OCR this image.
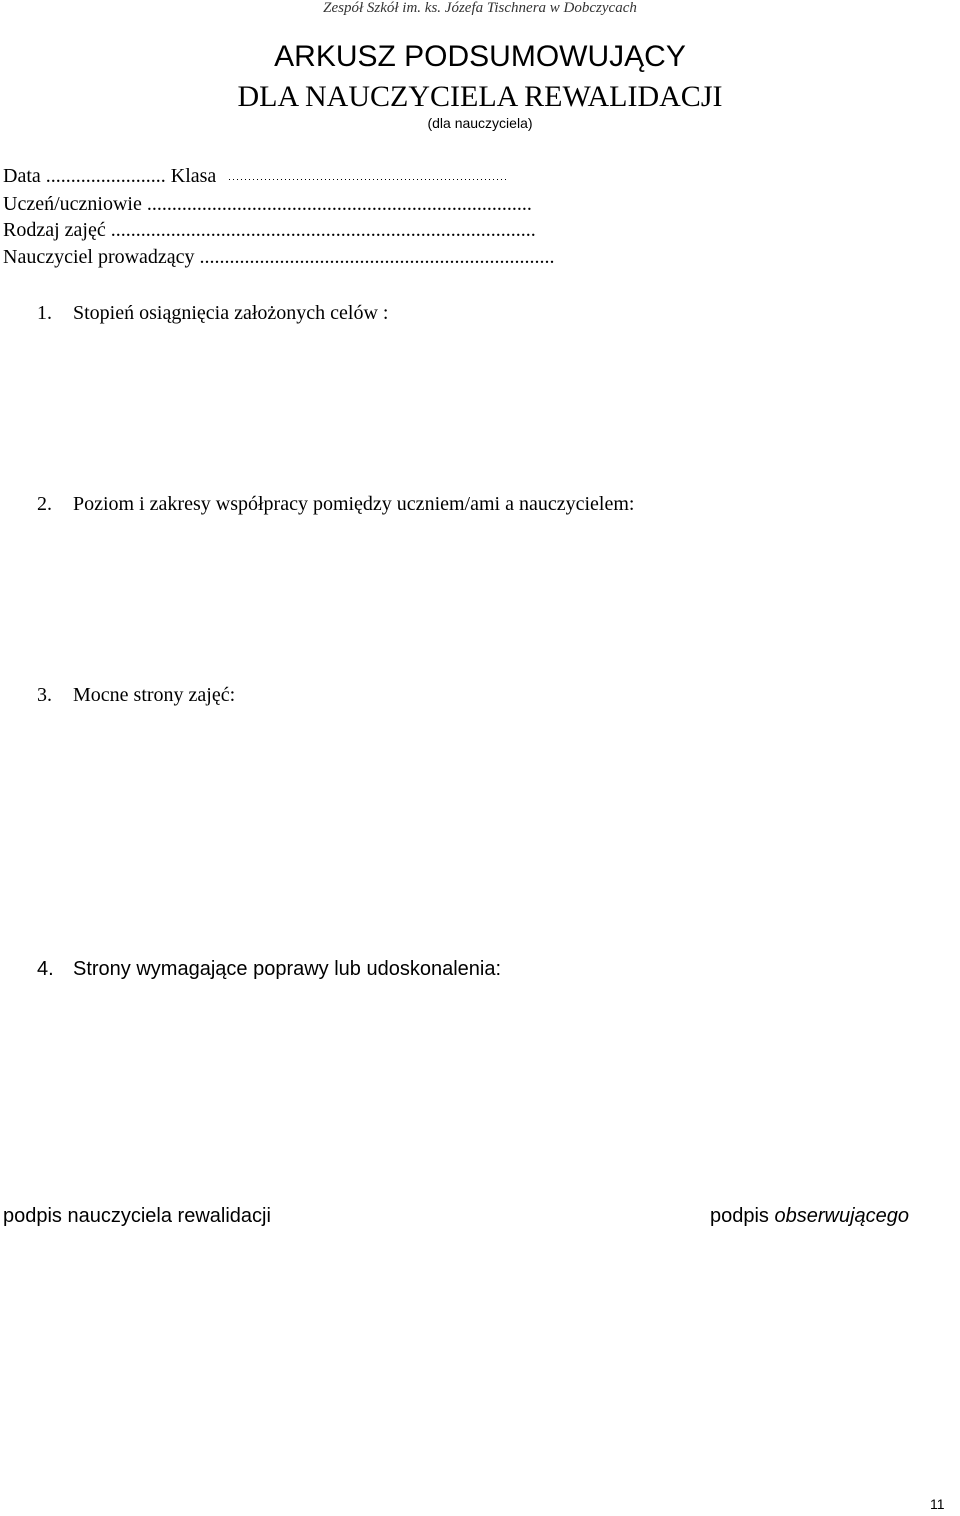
Zespół Szkół im. ks. Józefa Tischnera w Dobczycach
ARKUSZ PODSUMOWUJĄCY
DLA NAUCZYCIELA REWALIDACJI
(dla nauczyciela)
Data ........................ Klasa
Uczeń/uczniowie .............................................................................
Rodzaj zajęć .....................................................................................
Nauczyciel prowadzący .......................................................................
1. Stopień osiągnięcia założonych celów :
2. Poziom i zakresy współpracy pomiędzy uczniem/ami a nauczycielem:
3. Mocne strony zajęć:
4. Strony wymagające poprawy lub udoskonalenia:
podpis nauczyciela rewalidacji	podpis obserwującego
11
